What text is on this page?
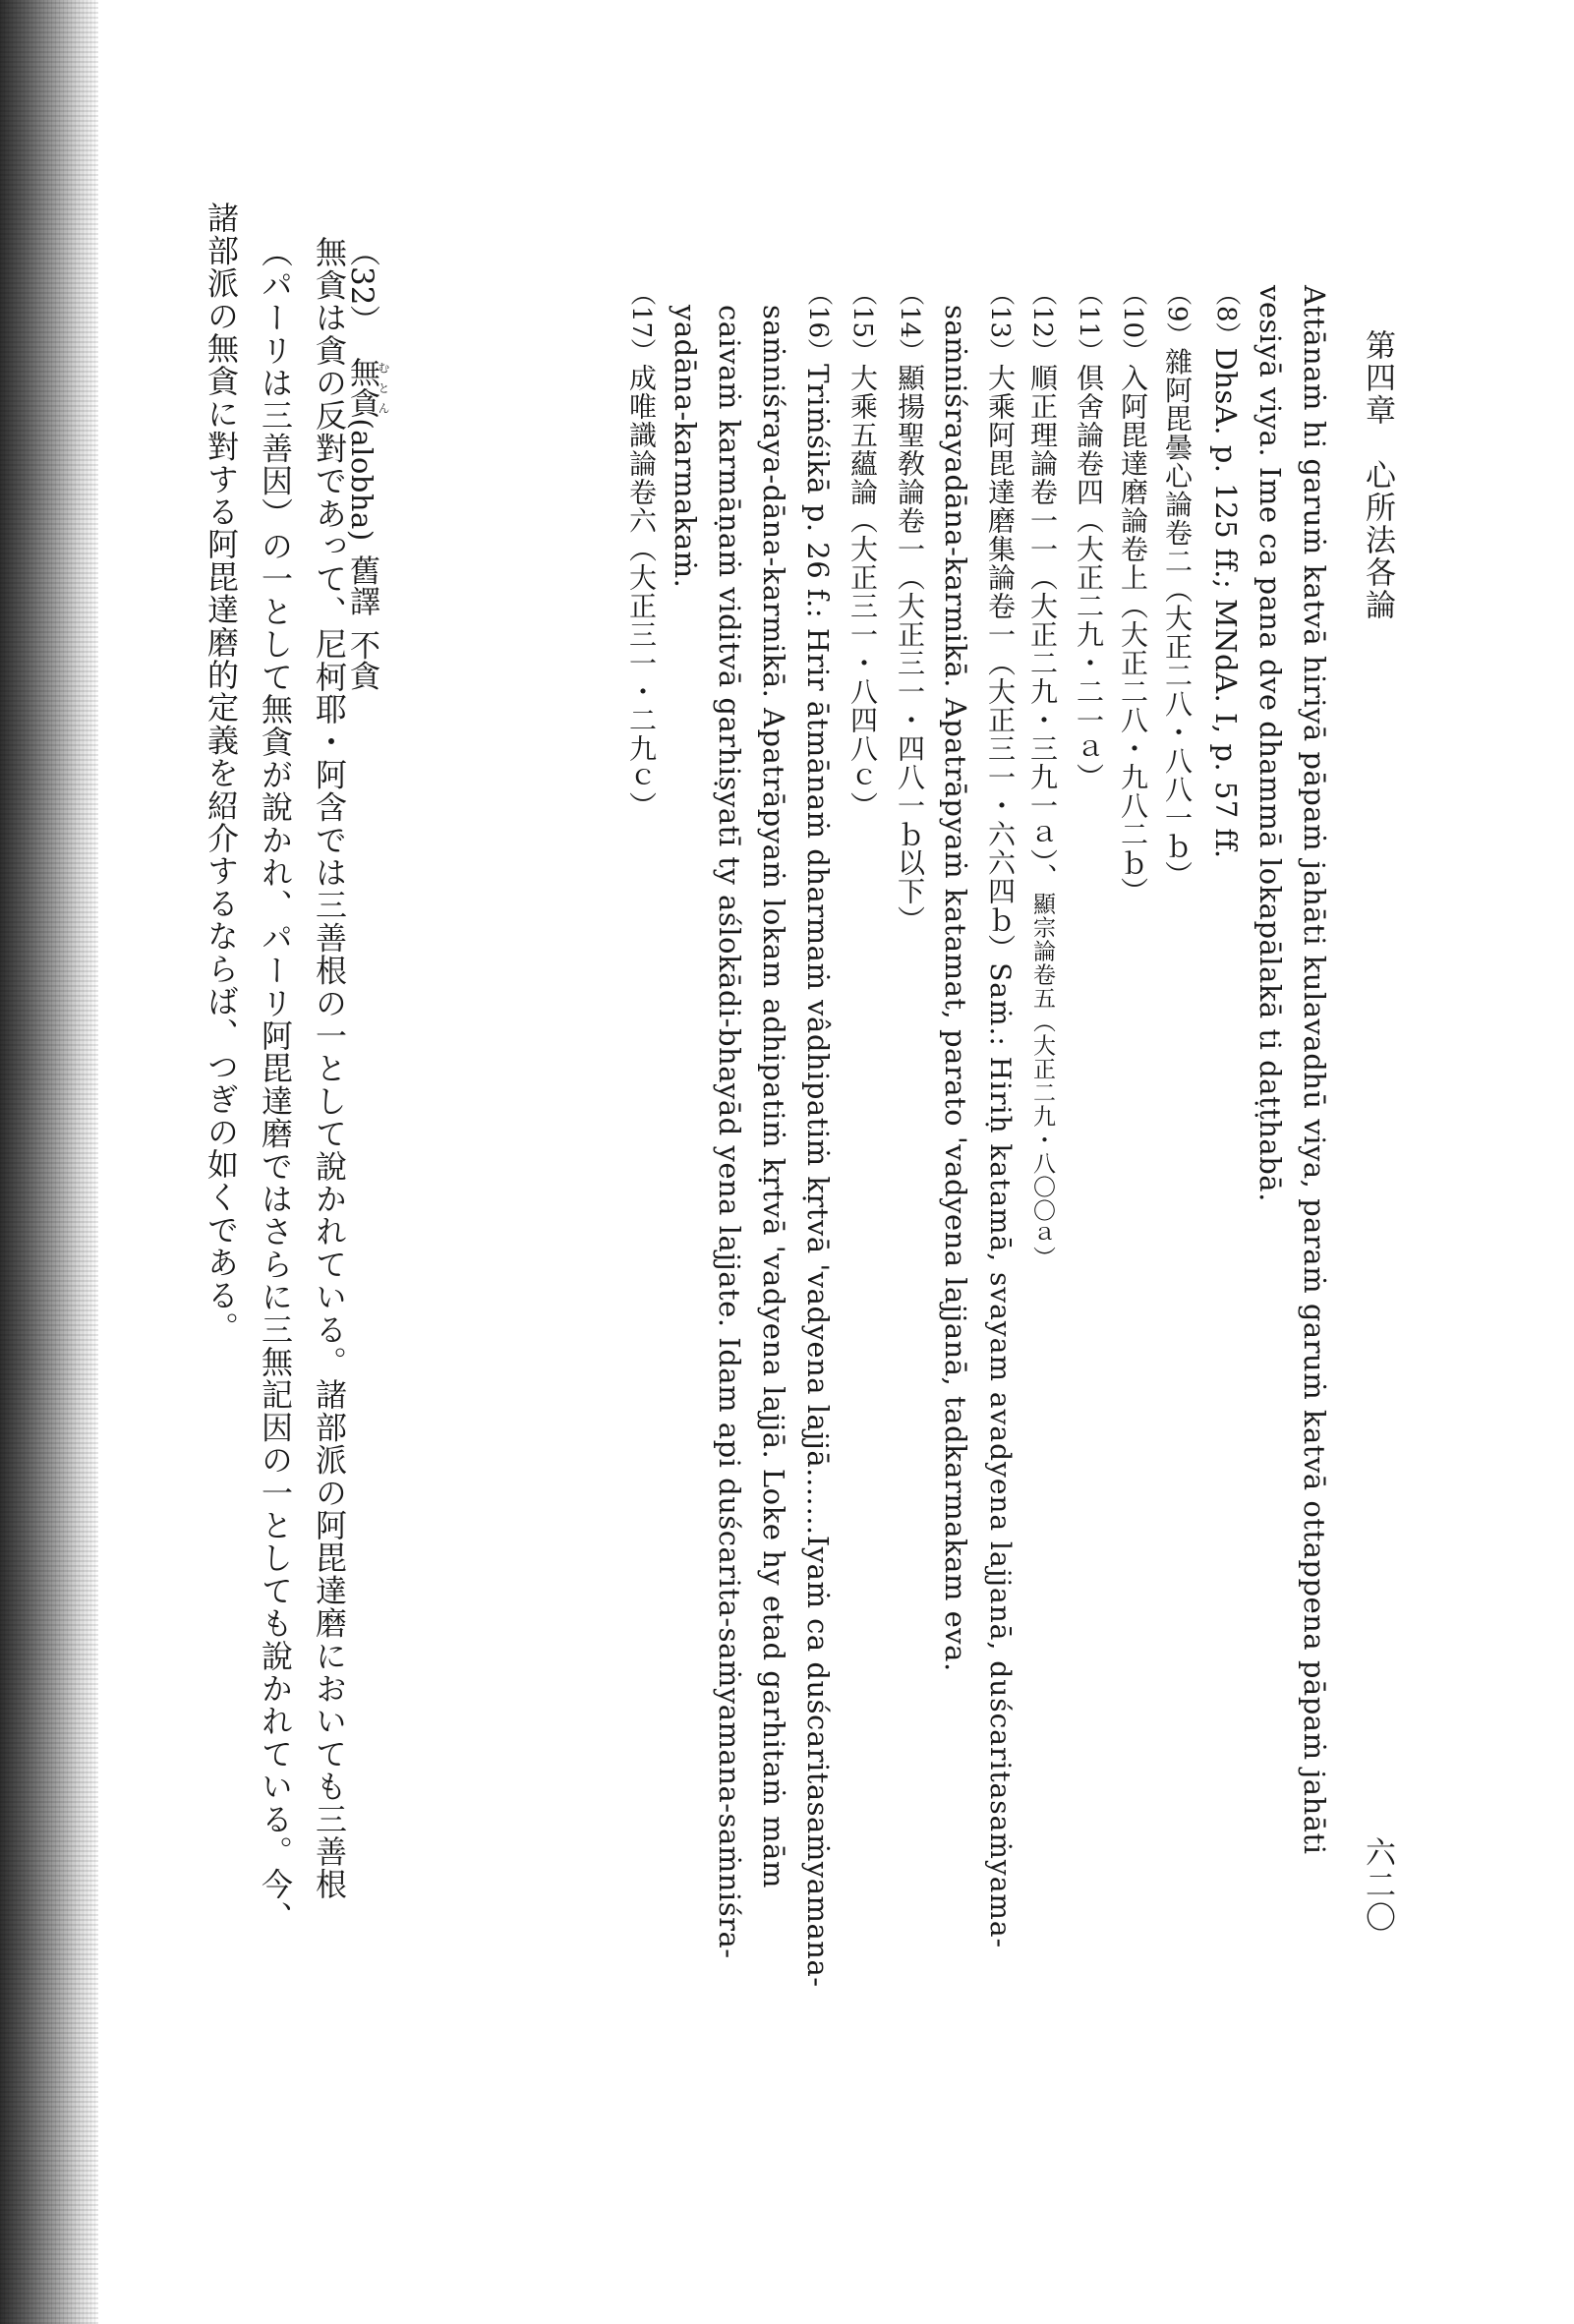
第四章　心所法各論
六二〇
Attānaṁ hi garuṁ katvā hiriyā pāpaṁ jahāti kulavadhū viya, paraṁ garuṁ katvā ottappena pāpaṁ jahāti
vesiyā viya. Ime ca pana dve dhammā lokapālakā ti daṭṭhabā.
（8）DhsA. p. 125 ff.; MNdA. I, p. 57 ff.
（9）雜阿毘曇心論卷二（大正二八・八八一ｂ）
（10）入阿毘達磨論卷上（大正二八・九八二ｂ）
（11）倶舍論卷四（大正二九・二一ａ）
（12）順正理論卷一一（大正二九・三九一ａ）、顯宗論卷五（大正二九・八〇〇ａ）
（13）大乘阿毘達磨集論卷一（大正三一・六六四ｂ）Saṁ.: Hiriḥ katamā, svayam avadyena lajjanā, duścaritasaṁyama-
saṁniśrayadāna-karmikā. Apatrāpyaṁ katamat, parato 'vadyena lajjanā, tadkarmakam eva.
（14）顯揚聖敎論卷一（大正三一・四八一ｂ以下）
（15）大乘五蘊論（大正三一・八四八ｃ）
（16）Triṁśikā p. 26 f.: Hrir ātmānaṁ dharmaṁ vâdhipatiṁ kṛtvā 'vadyena lajjā.……Iyaṁ ca duścaritasaṁyamana-
saṁniśraya-dāna-karmikā. Apatrāpyaṁ lokam adhipatiṁ kṛtvā 'vadyena lajjā. Loke hy etad garhitaṁ mām
caivaṁ karmāṇaṁ viditvā garhiṣyatī ty aślokādi-bhayād yena lajjate. Idam api duścarita-saṁyamana-saṁniśra-
yadāna-karmakaṁ.
（17）成唯識論卷六（大正三一・二九ｃ）
（32）無貪むとん(alobha)舊譯不貪
無貪は貪の反對であって、尼柯耶・阿含では三善根の一として說かれている。諸部派の阿毘達磨においても三善根
（パーリは三善因）の一として無貪が說かれ、パーリ阿毘達磨ではさらに三無記因の一としても說かれている。今、
諸部派の無貪に對する阿毘達磨的定義を紹介するならば、つぎの如くである。
